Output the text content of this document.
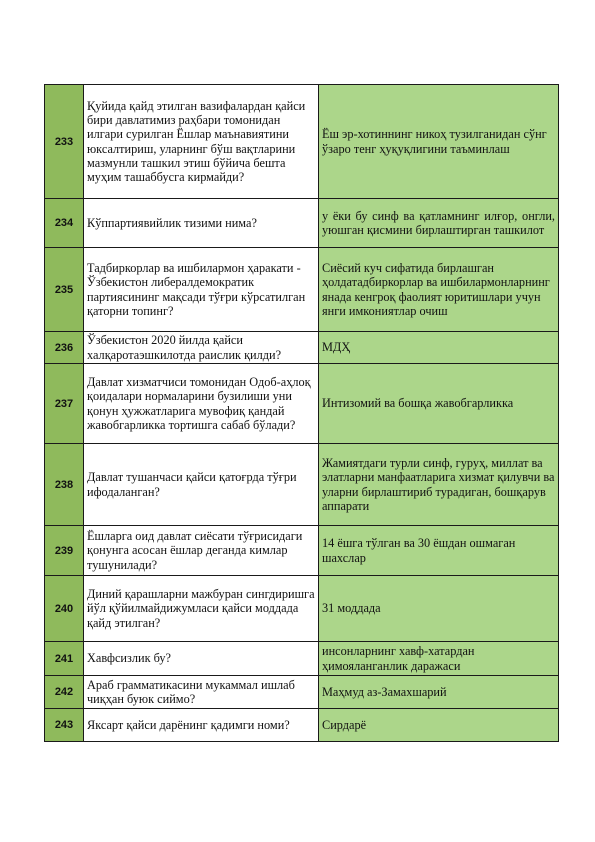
233	Қуйида қайд этилган вазифалардан қайси бири давлатимиз раҳбари томонидан илгари сурилган Ёшлар маънавиятини юксалтириш, уларнинг бўш вақтларини мазмунли ташкил этиш бўйича бешта муҳим ташаббусга кирмайди?	Ёш эр-хотиннинг никоҳ тузилганидан сўнг ўзаро тенг ҳуқуқлигини таъминлаш
234	Кўппартиявийлик тизими нима?	у ёки бу синф ва қатламнинг илғор, онгли, уюшган қисмини бирлаштирган ташкилот
235	Тадбиркорлар ва ишбилармон ҳаракати - Ўзбекистон либералдемократик партиясининг мақсади тўғри кўрсатилган қаторни топинг?	Сиёсий куч сифатида бирлашган ҳолдатадбиркорлар ва ишбилармонларнинг янада кенгроқ фаолият юритишлари учун янги имкониятлар очиш
236	Ўзбекистон 2020 йилда қайси халқаротаэшкилотда раислик қилди?	МДҲ
237	Давлат хизматчиси томонидан Одоб-аҳлоқ қоидалари нормаларини бузилиши уни қонун ҳужжатларига мувофиқ қандай жавобгарликка тортишга сабаб бўлади?	Интизомий ва бошқа жавобгарликка
238	Давлат тушанчаси қайси қатоғрда тўғри ифодаланган?	Жамиятдаги турли синф, гуруҳ, миллат ва элатларни манфаатларига хизмат қилувчи ва уларни бирлаштириб турадиган, бошқарув аппарати
239	Ёшларга оид давлат сиёсати тўғрисидаги қонунга асосан ёшлар деганда кимлар тушунилади?	14 ёшга тўлган ва 30 ёшдан ошмаган шахслар
240	Диний қарашларни мажбуран сингдиришга йўл қўйилмайдижумласи қайси моддада қайд этилган?	31 моддада
241	Хавфсизлик бу?	инсонларнинг хавф-хатардан ҳимояланганлик даражаси
242	Араб грамматикасини мукаммал ишлаб чиқҳан буюк сиймо?	Маҳмуд аз-Замахшарий
243	Яксарт қайси дарёнинг қадимги номи?	Сирдарё
